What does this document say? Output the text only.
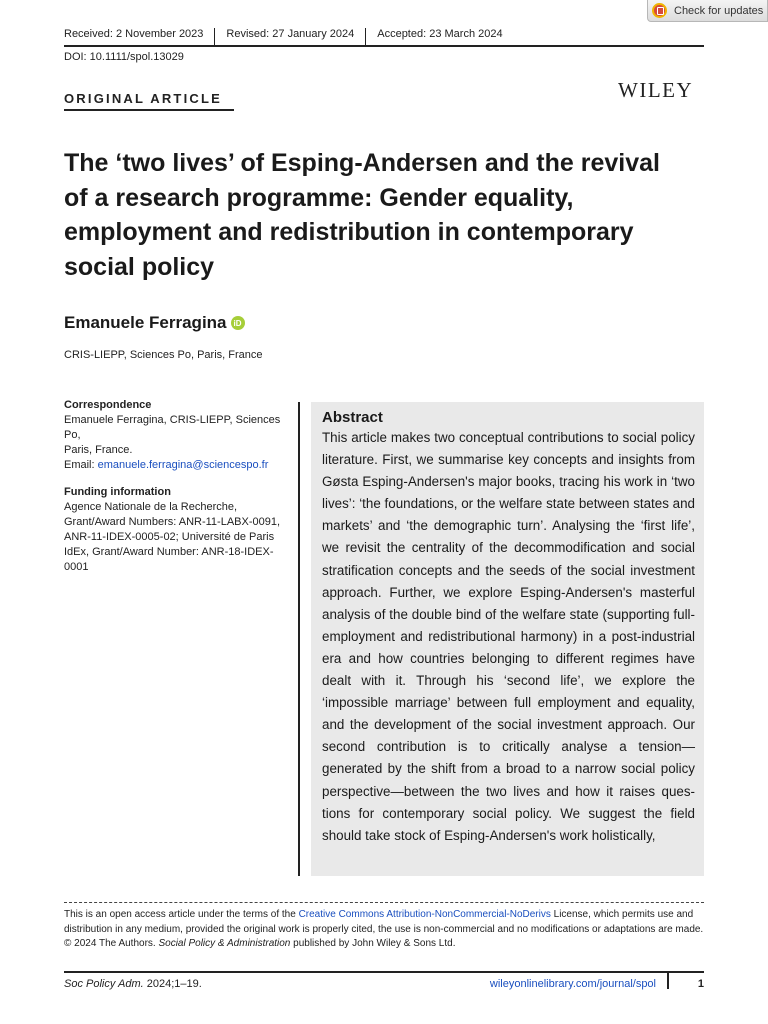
Check for updates
Received: 2 November 2023	Revised: 27 January 2024	Accepted: 23 March 2024
DOI: 10.1111/spol.13029
ORIGINAL ARTICLE	WILEY
The ‘two lives’ of Esping-Andersen and the revival
of a research programme: Gender equality,
employment and redistribution in contemporary
social policy
Emanuele Ferragina iD
CRIS-LIEPP, Sciences Po, Paris, France
Correspondence
Emanuele Ferragina, CRIS-LIEPP, Sciences Po,
Paris, France.
Email: emanuele.ferragina@sciencespo.fr
Funding information
Agence Nationale de la Recherche,
Grant/Award Numbers: ANR-11-LABX-0091,
ANR-11-IDEX-0005-02; Université de Paris
IdEx, Grant/Award Number: ANR-18-IDEX-
0001
Abstract
This article makes two conceptual contributions to social policy literature. First, we summarise key concepts and insights from Gøsta Esping-Andersen's major books, tracing his work in ‘two lives’: ‘the foundations, or the welfare state between states and markets’ and ‘the demographic turn’. Analysing the ‘first life’, we revisit the centrality of the decommodification and social stratification concepts and the seeds of the social investment approach. Further, we explore Esping-Andersen's masterful analysis of the double bind of the welfare state (supporting full-employment and redistributional harmony) in a post-industrial era and how countries belonging to different regimes have dealt with it. Through his ‘second life’, we explore the ‘impossible marriage’ between full employment and equality, and the development of the social investment approach. Our second contribution is to critically analyse a tension—generated by the shift from a broad to a narrow social policy perspective—between the two lives and how it raises questions for contemporary social policy. We suggest the field should take stock of Esping-Andersen's work holistically,
This is an open access article under the terms of the Creative Commons Attribution-NonCommercial-NoDerivs License, which permits use and distribution in any medium, provided the original work is properly cited, the use is non-commercial and no modifications or adaptations are made.
© 2024 The Authors. Social Policy & Administration published by John Wiley & Sons Ltd.
Soc Policy Adm. 2024;1–19.	wileyonlinelibrary.com/journal/spol	1
